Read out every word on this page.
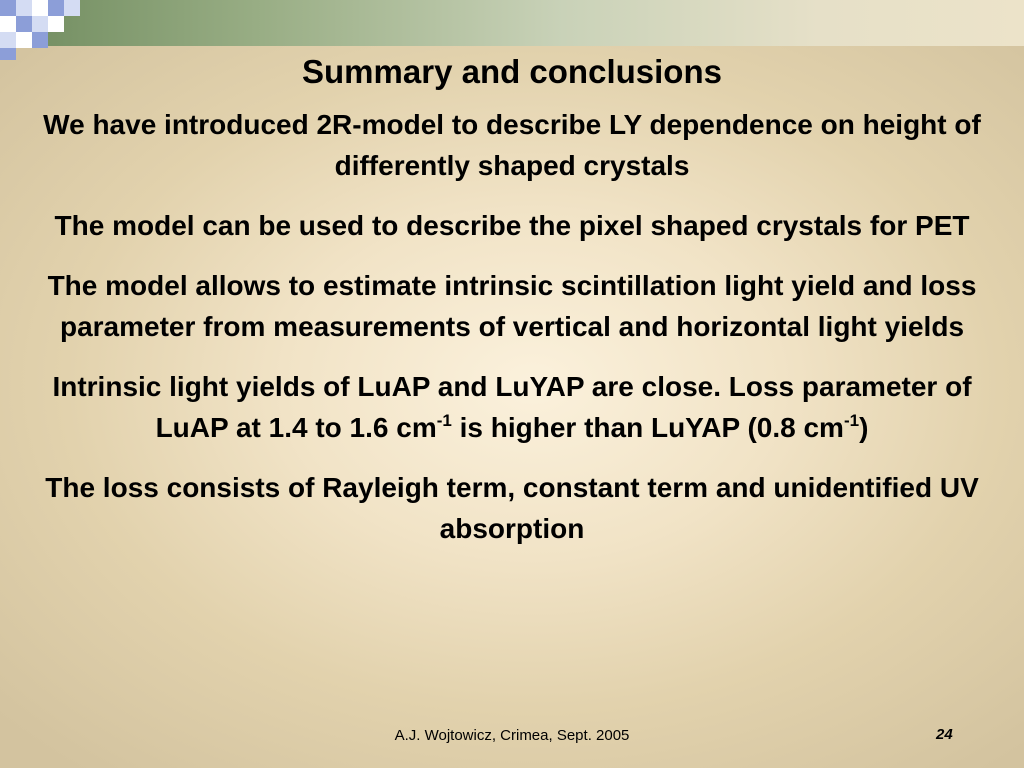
Summary and conclusions

We have introduced 2R-model to describe LY dependence on height of differently shaped crystals

The model can be used to describe the pixel shaped crystals for PET

The model allows to estimate intrinsic scintillation light yield and loss parameter from measurements of vertical and horizontal light yields

Intrinsic light yields of LuAP and LuYAP are close. Loss parameter of LuAP at 1.4 to 1.6 $cm^{-1}$ is higher than LuYAP (0.8 $cm^{-1}$)

The loss consists of Rayleigh term, constant term and unidentified UV absorption

A.J. Wojtowicz, Crimea, Sept. 2005	24
